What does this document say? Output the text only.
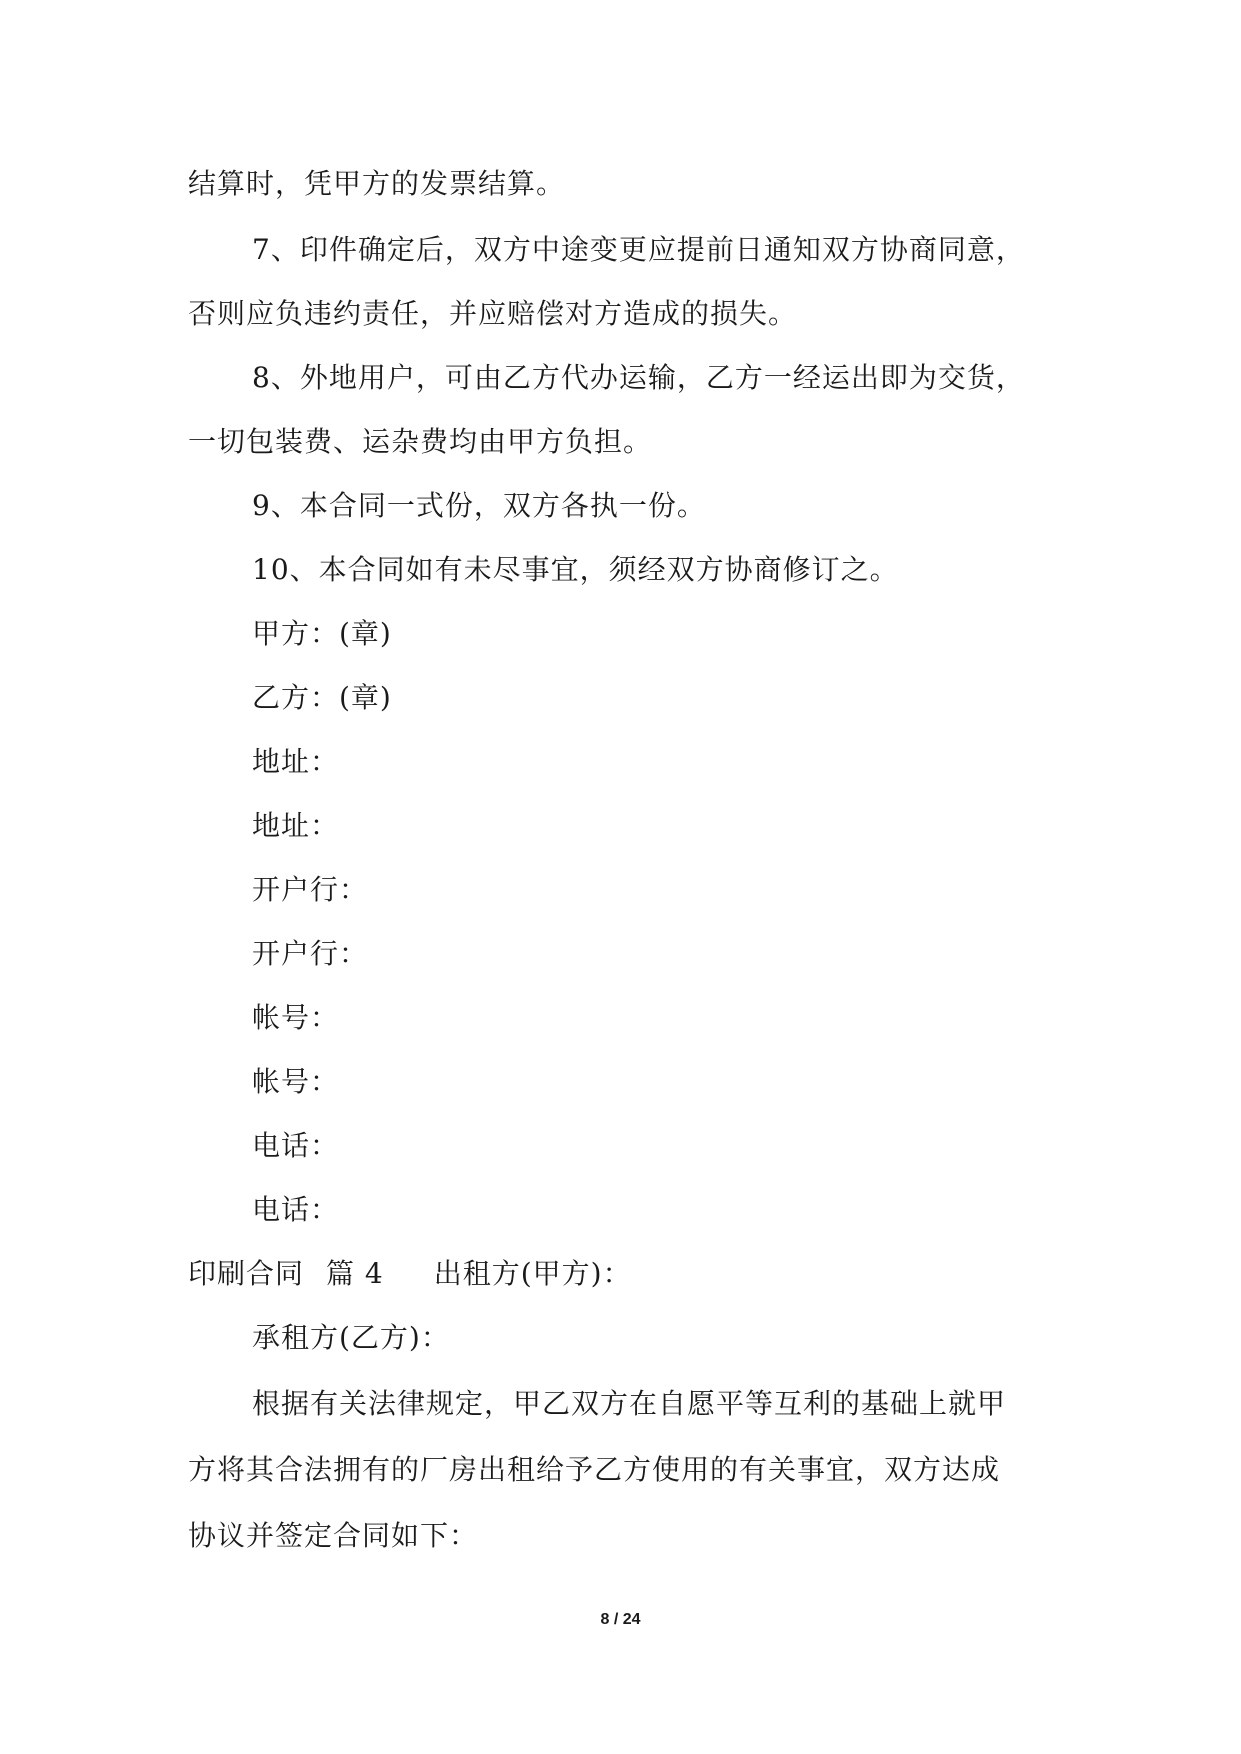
结算时，凭甲方的发票结算。
7、印件确定后，双方中途变更应提前日通知双方协商同意，
否则应负违约责任，并应赔偿对方造成的损失。
8、外地用户，可由乙方代办运输，乙方一经运出即为交货，
一切包装费、运杂费均由甲方负担。
9、本合同一式份，双方各执一份。
10、本合同如有未尽事宜，须经双方协商修订之。
甲方：(章)
乙方：(章)
地址：
地址：
开户行：
开户行：
帐号：
帐号：
电话：
电话：
印刷合同 篇 4 出租方(甲方)：
承租方(乙方)：
根据有关法律规定，甲乙双方在自愿平等互利的基础上就甲
方将其合法拥有的厂房出租给予乙方使用的有关事宜，双方达成
协议并签定合同如下：
8 / 24
